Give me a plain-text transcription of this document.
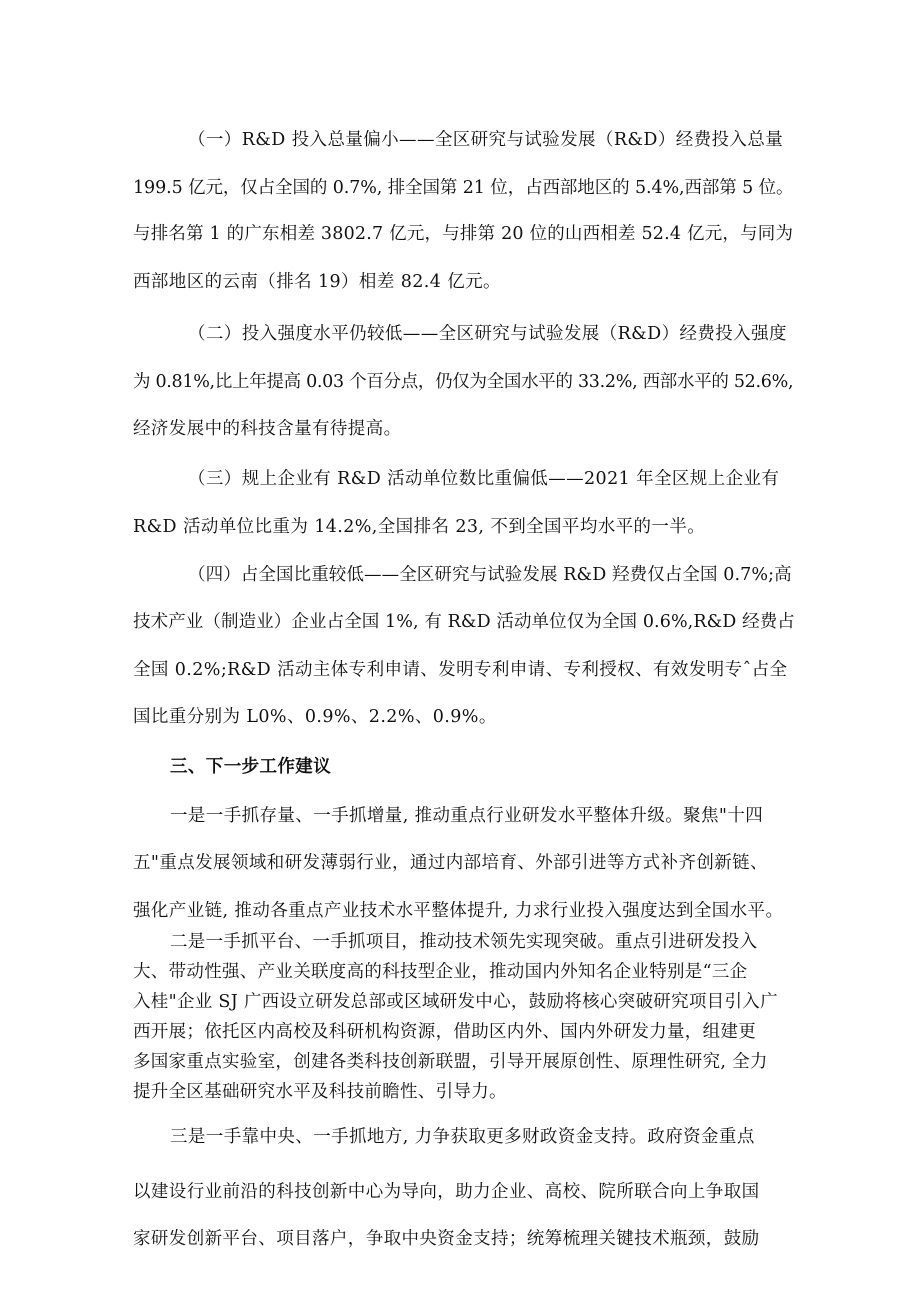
（一）R&D 投入总量偏小——全区研究与试验发展（R&D）经费投入总量
199.5 亿元，仅占全国的 0.7%, 排全国第 21 位，占西部地区的 5.4%,西部第 5 位。
与排名第 1 的广东相差 3802.7 亿元，与排第 20 位的山西相差 52.4 亿元，与同为
西部地区的云南（排名 19）相差 82.4 亿元。
（二）投入强度水平仍较低——全区研究与试验发展（R&D）经费投入强度
为 0.81%,比上年提高 0.03 个百分点，仍仅为全国水平的 33.2%, 西部水平的 52.6%,
经济发展中的科技含量有待提高。
（三）规上企业有 R&D 活动单位数比重偏低——2021 年全区规上企业有
R&D 活动单位比重为 14.2%,全国排名 23, 不到全国平均水平的一半。
（四）占全国比重较低——全区研究与试验发展 R&D 羟费仅占全国 0.7%;高
技术产业（制造业）企业占全国 1%, 有 R&D 活动单位仅为全国 0.6%,R&D 经费占
全国 0.2%;R&D 活动主体专利申请、发明专利申请、专利授权、有效发明专ˆ占全
国比重分别为 L0%、0.9%、2.2%、0.9%。
三、下一步工作建议
一是一手抓存量、一手抓增量, 推动重点行业研发水平整体升级。聚焦"十四
五"重点发展领域和研发薄弱行业，通过内部培育、外部引进等方式补齐创新链、
强化产业链, 推动各重点产业技术水平整体提升, 力求行业投入强度达到全国水平。
二是一手抓平台、一手抓项目，推动技术领先实现突破。重点引进研发投入
大、带动性强、产业关联度高的科技型企业，推动国内外知名企业特别是“三企
入桂"企业 SJ 广西设立研发总部或区域研发中心，鼓励将核心突破研究项目引入广
西开展；依托区内高校及科研机构资源，借助区内外、国内外研发力量，组建更
多国家重点实验室，创建各类科技创新联盟，引导开展原创性、原理性研究, 全力
提升全区基础研究水平及科技前瞻性、引导力。
三是一手靠中央、一手抓地方, 力争获取更多财政资金支持。政府资金重点
以建设行业前沿的科技创新中心为导向，助力企业、高校、院所联合向上争取国
家研发创新平台、项目落户，争取中央资金支持；统筹梳理关键技术瓶颈，鼓励
